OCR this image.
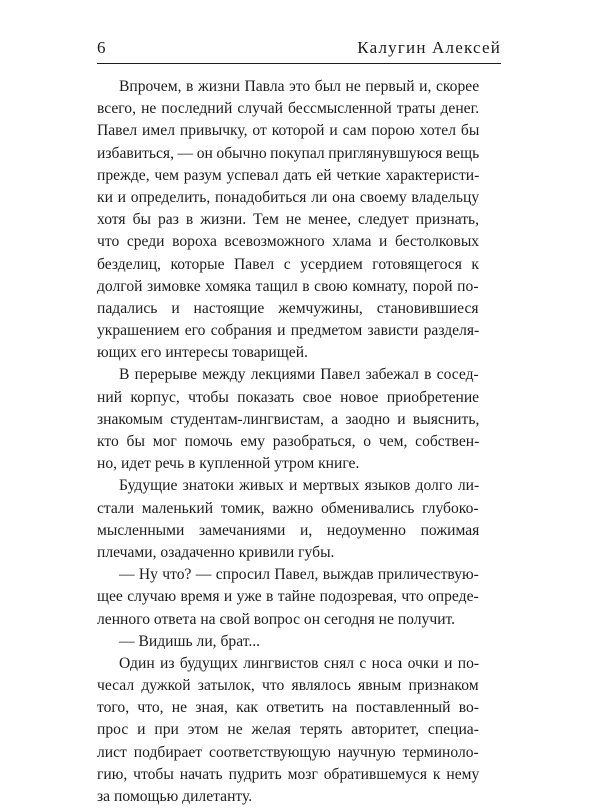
6	Калугин Алексей

Впрочем, в жизни Павла это был не первый и, скорее
всего, не последний случай бессмысленной траты денег.
Павел имел привычку, от которой и сам порою хотел бы
избавиться, — он обычно покупал приглянувшуюся вещь
прежде, чем разум успевал дать ей четкие характеристи-
ки и определить, понадобиться ли она своему владельцу
хотя бы раз в жизни. Тем не менее, следует признать,
что среди вороха всевозможного хлама и бестолковых
безделиц, которые Павел с усердием готовящегося к
долгой зимовке хомяка тащил в свою комнату, порой по-
падались и настоящие жемчужины, становившиеся
украшением его собрания и предметом зависти разделя-
ющих его интересы товарищей.

В перерыве между лекциями Павел забежал в сосед-
ний корпус, чтобы показать свое новое приобретение
знакомым студентам-лингвистам, а заодно и выяснить,
кто бы мог помочь ему разобраться, о чем, собствен-
но, идет речь в купленной утром книге.

Будущие знатоки живых и мертвых языков долго ли-
стали маленький томик, важно обменивались глубоко-
мысленными замечаниями и, недоуменно пожимая
плечами, озадаченно кривили губы.

— Ну что? — спросил Павел, выждав приличествую-
щее случаю время и уже в тайне подозревая, что опреде-
ленного ответа на свой вопрос он сегодня не получит.

— Видишь ли, брат...

Один из будущих лингвистов снял с носа очки и по-
чесал дужкой затылок, что являлось явным признаком
того, что, не зная, как ответить на поставленный во-
прос и при этом не желая терять авторитет, специа-
лист подбирает соответствующую научную терминоло-
гию, чтобы начать пудрить мозг обратившемуся к нему
за помощью дилетанту.
